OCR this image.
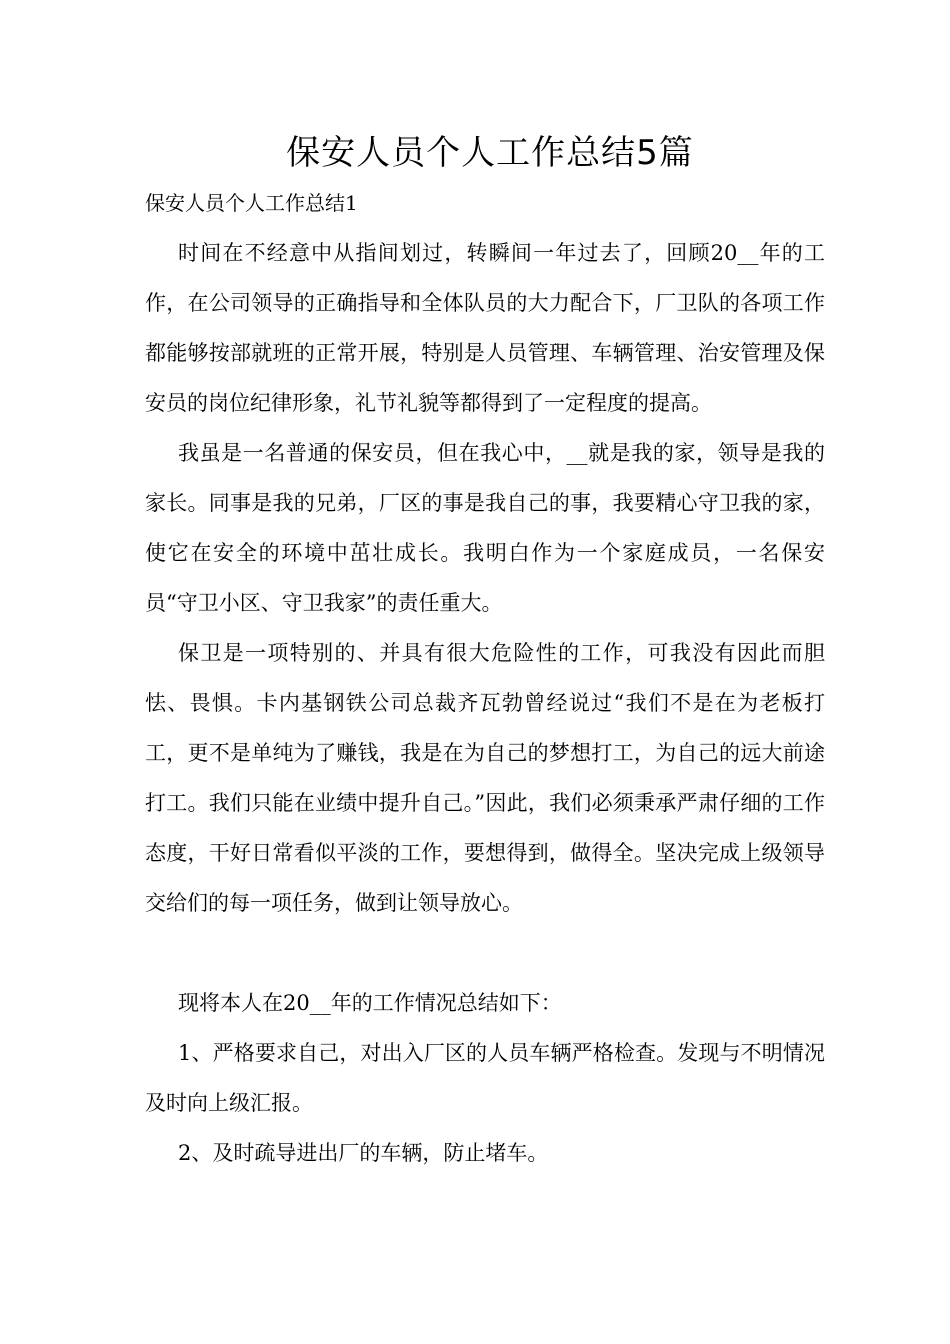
保安人员个人工作总结5篇
保安人员个人工作总结1

时间在不经意中从指间划过，转瞬间一年过去了，回顾20__年的工作，在公司领导的正确指导和全体队员的大力配合下，厂卫队的各项工作都能够按部就班的正常开展，特别是人员管理、车辆管理、治安管理及保安员的岗位纪律形象，礼节礼貌等都得到了一定程度的提高。

我虽是一名普通的保安员，但在我心中，__就是我的家，领导是我的家长。同事是我的兄弟，厂区的事是我自己的事，我要精心守卫我的家，使它在安全的环境中茁壮成长。我明白作为一个家庭成员，一名保安员“守卫小区、守卫我家”的责任重大。

保卫是一项特别的、并具有很大危险性的工作，可我没有因此而胆怯、畏惧。卡内基钢铁公司总裁齐瓦勃曾经说过“我们不是在为老板打工，更不是单纯为了赚钱，我是在为自己的梦想打工，为自己的远大前途打工。我们只能在业绩中提升自己。”因此，我们必须秉承严肃仔细的工作态度，干好日常看似平淡的工作，要想得到，做得全。坚决完成上级领导交给们的每一项任务，做到让领导放心。

现将本人在20__年的工作情况总结如下：

1、严格要求自己，对出入厂区的人员车辆严格检查。发现与不明情况及时向上级汇报。

2、及时疏导进出厂的车辆，防止堵车。
